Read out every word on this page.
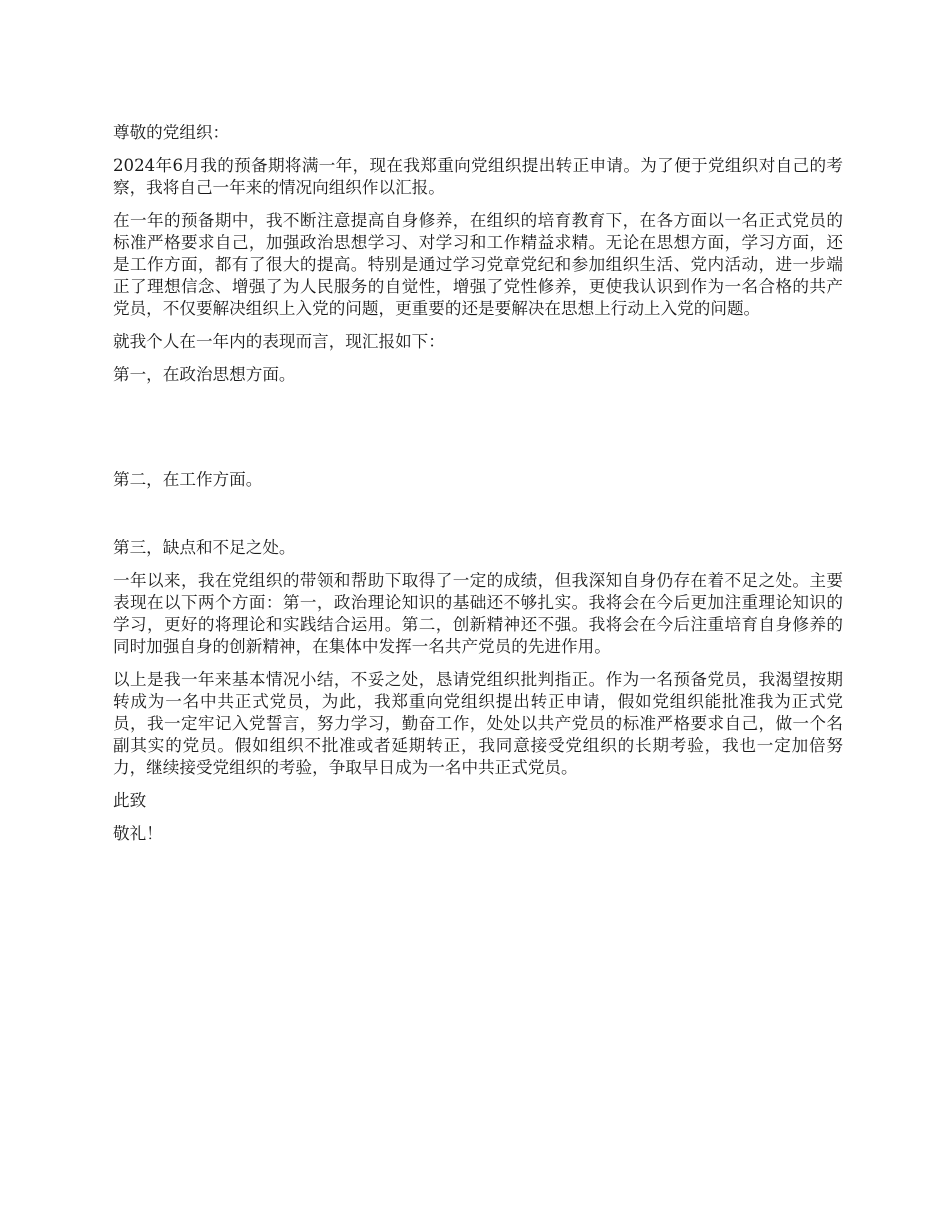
尊敬的党组织：

2024年6月我的预备期将满一年，现在我郑重向党组织提出转正申请。为了便于党组织对自己的考察，我将自己一年来的情况向组织作以汇报。

在一年的预备期中，我不断注意提高自身修养，在组织的培育教育下，在各方面以一名正式党员的标准严格要求自己，加强政治思想学习、对学习和工作精益求精。无论在思想方面，学习方面，还是工作方面，都有了很大的提高。特别是通过学习党章党纪和参加组织生活、党内活动，进一步端正了理想信念、增强了为人民服务的自觉性，增强了党性修养，更使我认识到作为一名合格的共产党员，不仅要解决组织上入党的问题，更重要的还是要解决在思想上行动上入党的问题。

就我个人在一年内的表现而言，现汇报如下：

第一，在政治思想方面。

第二，在工作方面。

第三，缺点和不足之处。

一年以来，我在党组织的带领和帮助下取得了一定的成绩，但我深知自身仍存在着不足之处。主要表现在以下两个方面：第一，政治理论知识的基础还不够扎实。我将会在今后更加注重理论知识的学习，更好的将理论和实践结合运用。第二，创新精神还不强。我将会在今后注重培育自身修养的同时加强自身的创新精神，在集体中发挥一名共产党员的先进作用。

以上是我一年来基本情况小结，不妥之处，恳请党组织批判指正。作为一名预备党员，我渴望按期转成为一名中共正式党员，为此，我郑重向党组织提出转正申请，假如党组织能批准我为正式党员，我一定牢记入党誓言，努力学习，勤奋工作，处处以共产党员的标准严格要求自己，做一个名副其实的党员。假如组织不批准或者延期转正，我同意接受党组织的长期考验，我也一定加倍努力，继续接受党组织的考验，争取早日成为一名中共正式党员。

此致

敬礼！
